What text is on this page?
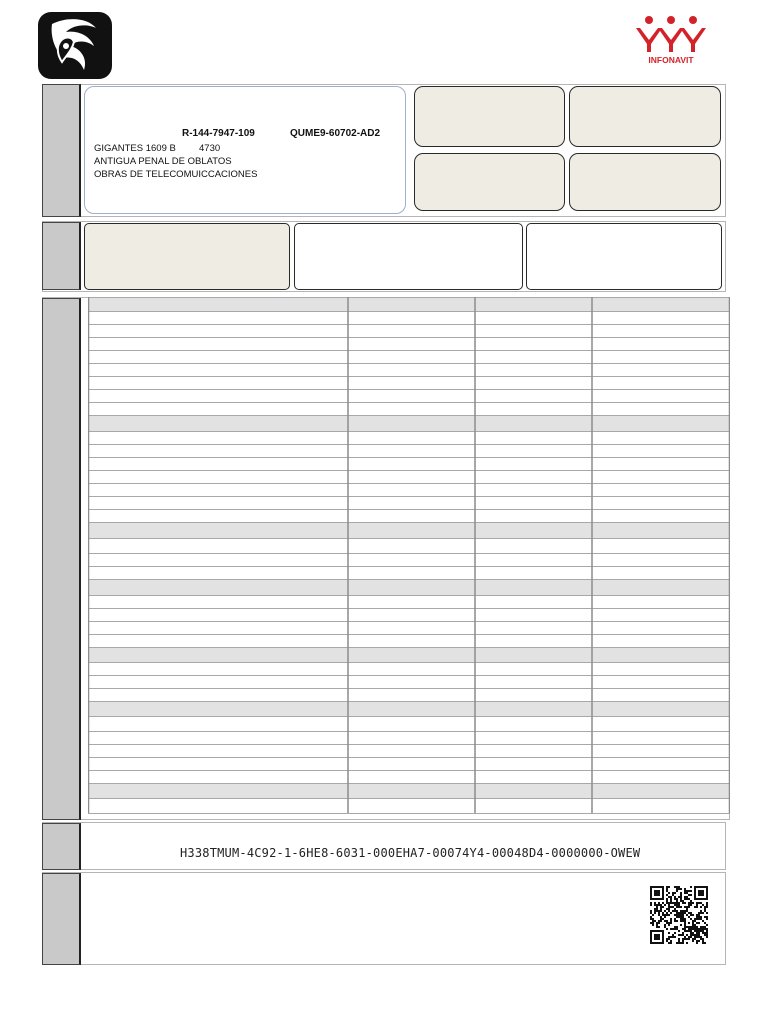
INFONAVIT
R-144-7947-109	QUME9-60702-AD2
GIGANTES 1609 B 4730
ANTIGUA PENAL DE OBLATOS
OBRAS DE TELECOMUICCACIONES
H338TMUM-4C92-1-6HE8-6031-000EHA7-00074Y4-00048D4-0000000-OWEW
